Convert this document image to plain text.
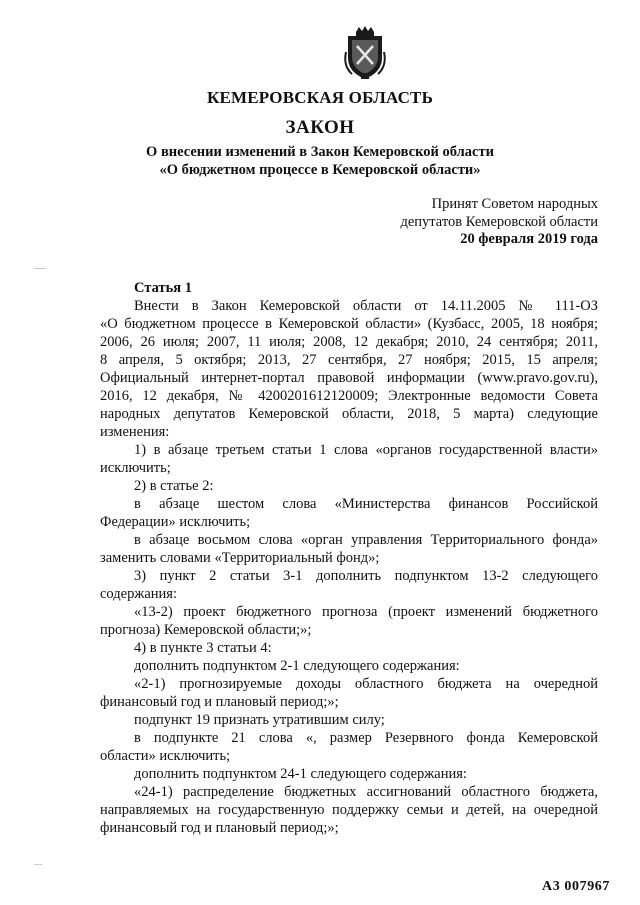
КЕМЕРОВСКАЯ ОБЛАСТЬ
ЗАКОН
О внесении изменений в Закон Кемеровской области
«О бюджетном процессе в Кемеровской области»
Принят Советом народных
депутатов Кемеровской области
20 февраля 2019 года
Статья 1
Внести в Закон Кемеровской области от 14.11.2005 № 111-ОЗ
«О бюджетном процессе в Кемеровской области» (Кузбасс, 2005, 18 ноября;
2006, 26 июля; 2007, 11 июля; 2008, 12 декабря; 2010, 24 сентября; 2011,
8 апреля, 5 октября; 2013, 27 сентября, 27 ноября; 2015, 15 апреля;
Официальный интернет-портал правовой информации (www.pravo.gov.ru),
2016, 12 декабря, № 4200201612120009; Электронные ведомости Совета
народных депутатов Кемеровской области, 2018, 5 марта) следующие
изменения:
1) в абзаце третьем статьи 1 слова «органов государственной власти»
исключить;
2) в статье 2:
в абзаце шестом слова «Министерства финансов Российской
Федерации» исключить;
в абзаце восьмом слова «орган управления Территориального фонда»
заменить словами «Территориальный фонд»;
3) пункт 2 статьи 3-1 дополнить подпунктом 13-2 следующего
содержания:
«13-2) проект бюджетного прогноза (проект изменений бюджетного
прогноза) Кемеровской области;»;
4) в пункте 3 статьи 4:
дополнить подпунктом 2-1 следующего содержания:
«2-1) прогнозируемые доходы областного бюджета на очередной
финансовый год и плановый период;»;
подпункт 19 признать утратившим силу;
в подпункте 21 слова «, размер Резервного фонда Кемеровской
области» исключить;
дополнить подпунктом 24-1 следующего содержания:
«24-1) распределение бюджетных ассигнований областного бюджета,
направляемых на государственную поддержку семьи и детей, на очередной
финансовый год и плановый период;»;
А3 007967
